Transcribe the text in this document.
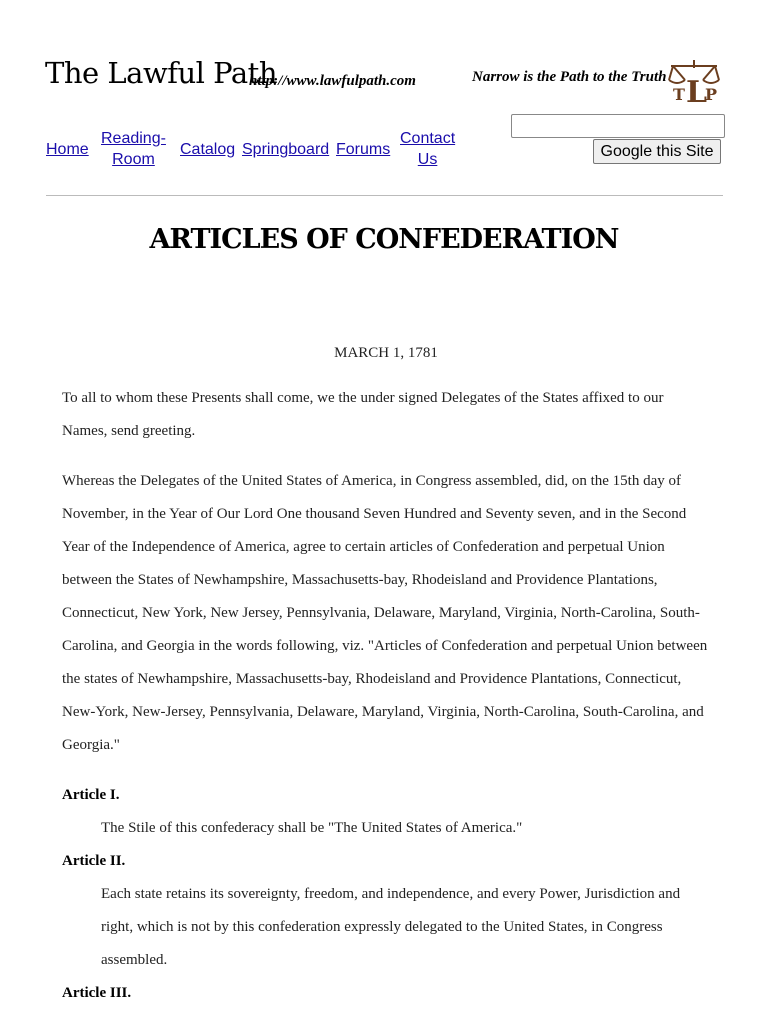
The Lawful Path
http://www.lawfulpath.com	Narrow is the Path to the Truth
T L
P
Home
Reading-
Room
Catalog Springboard Forums
Contact
Us	Google this Site
ARTICLES OF CONFEDERATION

MARCH 1, 1781

To all to whom these Presents shall come, we the under signed Delegates of the States affixed to our Names, send greeting.

Whereas the Delegates of the United States of America, in Congress assembled, did, on the 15th day of November, in the Year of Our Lord One thousand Seven Hundred and Seventy seven, and in the Second Year of the Independence of America, agree to certain articles of Confederation and perpetual Union between the States of Newhampshire, Massachusetts-bay, Rhodeisland and Providence Plantations, Connecticut, New York, New Jersey, Pennsylvania, Delaware, Maryland, Virginia, North-Carolina, South-Carolina, and Georgia in the words following, viz. "Articles of Confederation and perpetual Union between the states of Newhampshire, Massachusetts-bay, Rhodeisland and Providence Plantations, Connecticut, New-York, New-Jersey, Pennsylvania, Delaware, Maryland, Virginia, North-Carolina, South-Carolina, and Georgia."

Article I.

The Stile of this confederacy shall be "The United States of America."

Article II.

Each state retains its sovereignty, freedom, and independence, and every Power, Jurisdiction and right, which is not by this confederation expressly delegated to the United States, in Congress assembled.

Article III.
